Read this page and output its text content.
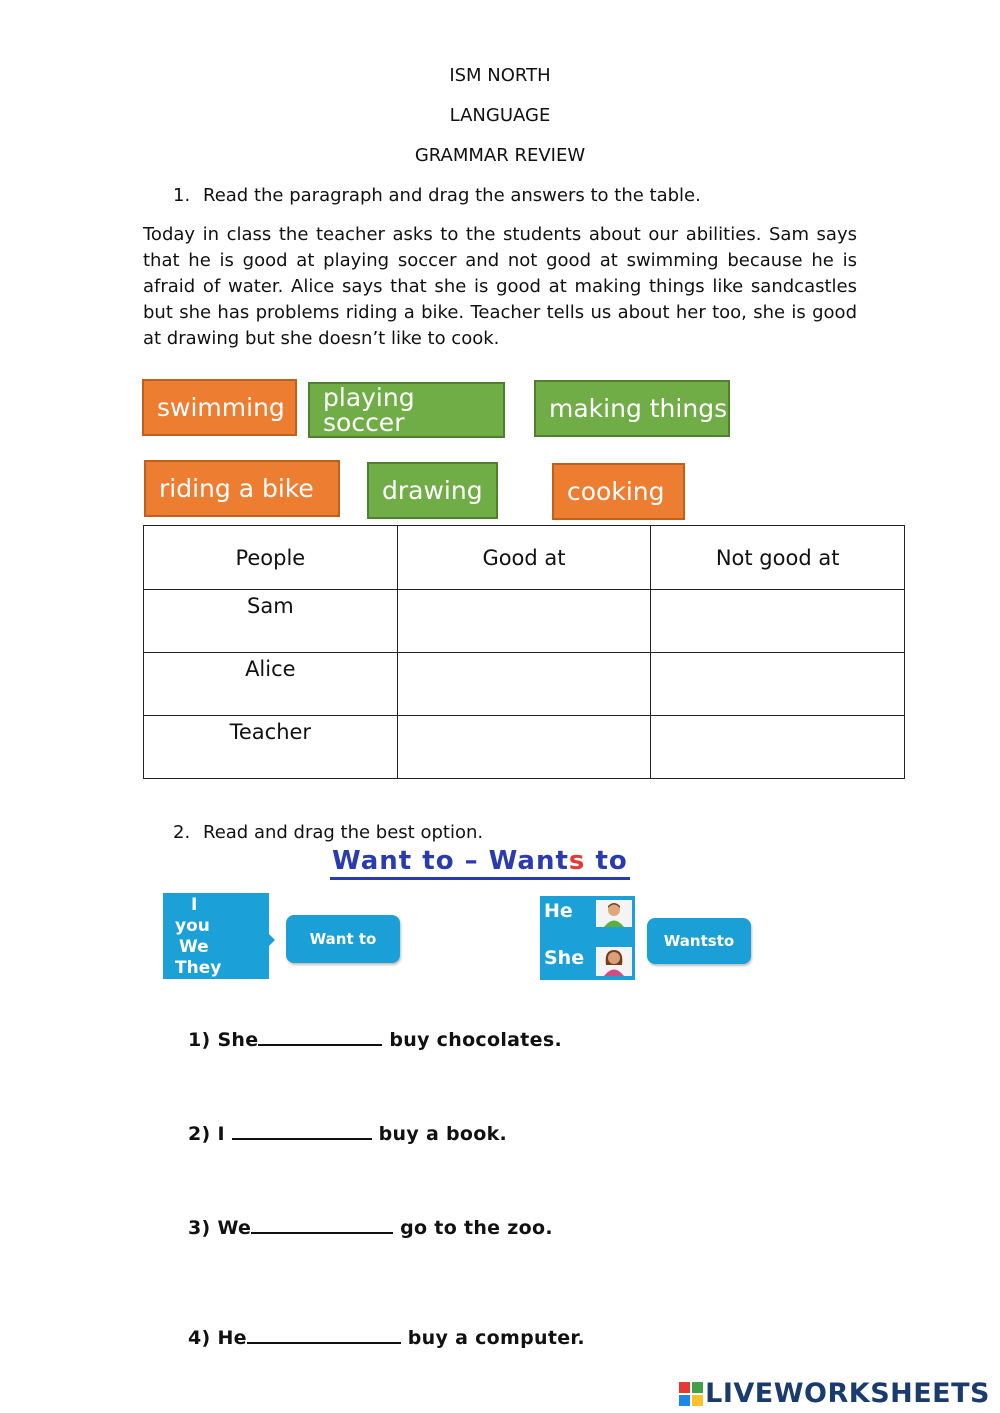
ISM NORTH
LANGUAGE
GRAMMAR REVIEW
1. Read the paragraph and drag the answers to the table.
Today in class the teacher asks to the students about our abilities. Sam says that he is good at playing soccer and not good at swimming because he is afraid of water. Alice says that she is good at making things like sandcastles but she has problems riding a bike. Teacher tells us about her too, she is good at drawing but she doesn’t like to cook.
swimming	playing soccer	making things
riding a bike	drawing	cooking
People	Good at	Not good at
Sam		
Alice		
Teacher		
2. Read and drag the best option.
Want to – Wants to
I
you
We
They
Want to
He
She
Wants to
1) She	buy chocolates.
2) I	buy a book.
3) We	go to the zoo.
4) He	buy a computer.
LIVEWORKSHEETS
